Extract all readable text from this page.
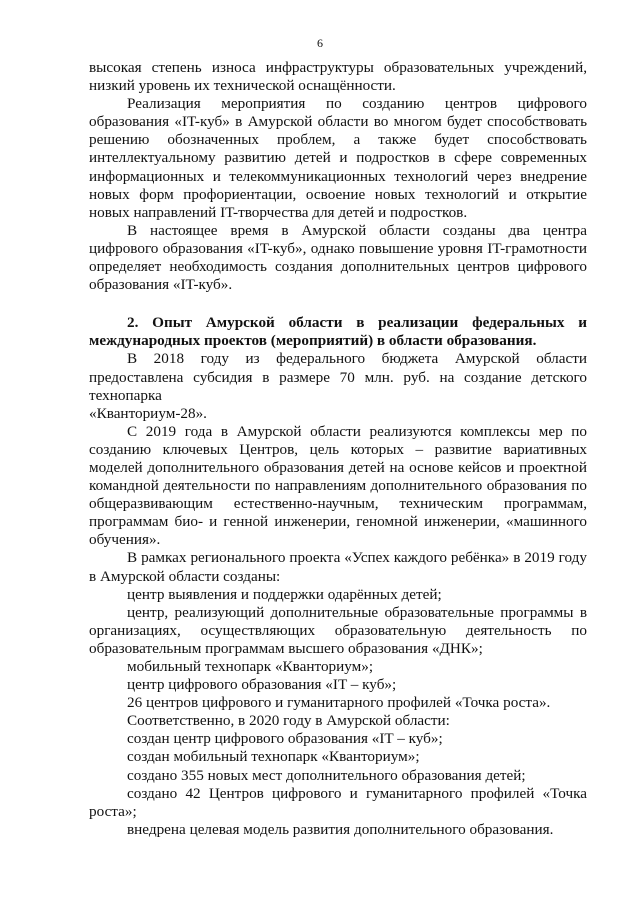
6

высокая степень износа инфраструктуры образовательных учреждений, низкий уровень их технической оснащённости.

Реализация мероприятия по созданию центров цифрового образования «IT-куб» в Амурской области во многом будет способствовать решению обозначенных проблем, а также будет способствовать интеллектуальному развитию детей и подростков в сфере современных информационных и телекоммуникационных технологий через внедрение новых форм профориентации, освоение новых технологий и открытие новых направлений IT-творчества для детей и подростков.

В настоящее время в Амурской области созданы два центра цифрового образования «IT-куб», однако повышение уровня IT-грамотности определяет необходимость создания дополнительных центров цифрового образования «IT-куб».

2. Опыт Амурской области в реализации федеральных и международных проектов (мероприятий) в области образования.

В 2018 году из федерального бюджета Амурской области предоставлена субсидия в размере 70 млн. руб. на создание детского технопарка

«Кванториум-28».

С 2019 года в Амурской области реализуются комплексы мер по созданию ключевых Центров, цель которых – развитие вариативных моделей дополнительного образования детей на основе кейсов и проектной командной деятельности по направлениям дополнительного образования по общеразвивающим естественно-научным, техническим программам, программам био- и генной инженерии, геномной инженерии, «машинного обучения».

В рамках регионального проекта «Успех каждого ребёнка» в 2019 году в Амурской области созданы:

центр выявления и поддержки одарённых детей;

центр, реализующий дополнительные образовательные программы в организациях, осуществляющих образовательную деятельность по образовательным программам высшего образования «ДНК»;

мобильный технопарк «Кванториум»;

центр цифрового образования «IT – куб»;

26 центров цифрового и гуманитарного профилей «Точка роста».

Соответственно, в 2020 году в Амурской области:

создан центр цифрового образования «IT – куб»;

создан мобильный технопарк «Кванториум»;

создано 355 новых мест дополнительного образования детей;

создано 42 Центров цифрового и гуманитарного профилей «Точка роста»;

внедрена целевая модель развития дополнительного образования.
